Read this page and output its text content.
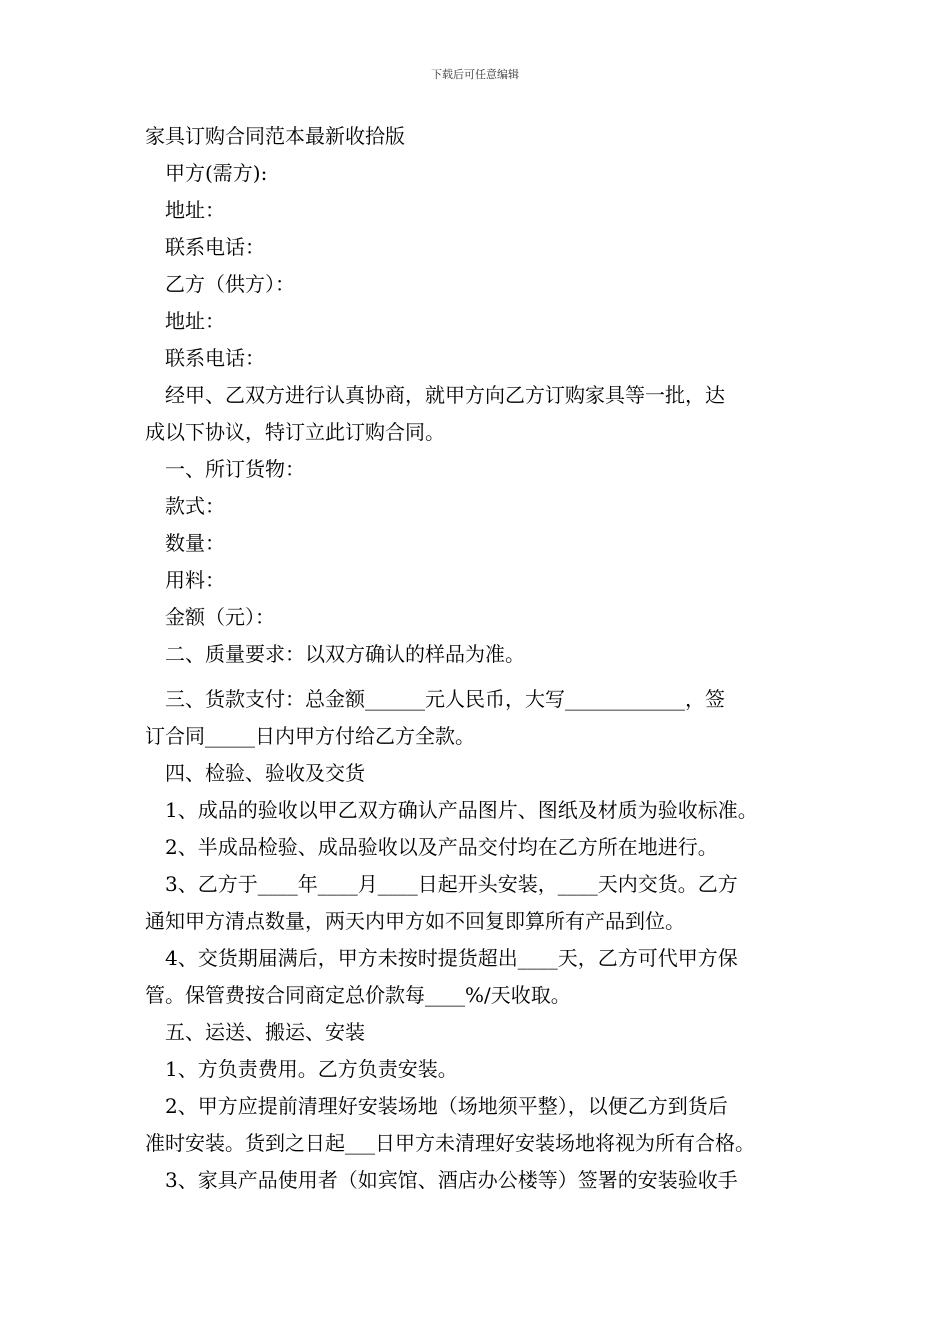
下载后可任意编辑

家具订购合同范本最新收拾版

甲方(需方):

地址：

联系电话：

乙方（供方）：

地址：

联系电话：

经甲、乙双方进行认真协商，就甲方向乙方订购家具等一批，达

成以下协议，特订立此订购合同。

一、所订货物：

款式：

数量：

用料：

金额（元）：

二、质量要求：以双方确认的样品为准。

三、货款支付：总金额______元人民币，大写____________，签

订合同_____日内甲方付给乙方全款。

四、检验、验收及交货

1、成品的验收以甲乙双方确认产品图片、图纸及材质为验收标准。

2、半成品检验、成品验收以及产品交付均在乙方所在地进行。

3、乙方于____年____月____日起开头安装，____天内交货。乙方

通知甲方清点数量，两天内甲方如不回复即算所有产品到位。

4、交货期届满后，甲方未按时提货超出____天，乙方可代甲方保

管。保管费按合同商定总价款每____%/天收取。

五、运送、搬运、安装

1、方负责费用。乙方负责安装。

2、甲方应提前清理好安装场地（场地须平整），以便乙方到货后

准时安装。货到之日起___日甲方未清理好安装场地将视为所有合格。

3、家具产品使用者（如宾馆、酒店办公楼等）签署的安装验收手
